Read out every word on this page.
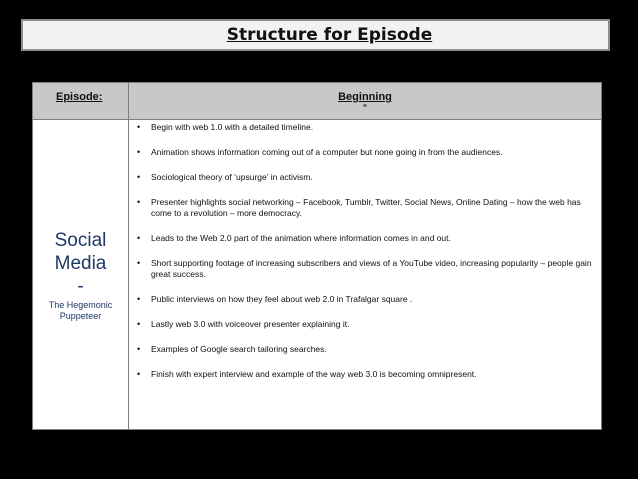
Structure for Episode
Episode:	Beginning
“
Social
Media
-
The Hegemonic Puppeteer
• Begin with web 1.0 with a detailed timeline.
• Animation shows information coming out of a computer but none going in from the audiences.
• Sociological theory of ‘upsurge’ in activism.
• Presenter highlights social networking – Facebook, Tumblr, Twitter, Social News, Online Dating – how the web has come to a revolution – more democracy.
• Leads to the Web 2.0 part of the animation where information comes in and out.
• Short supporting footage of increasing subscribers and views of a YouTube video, increasing popularity – people gain great success.
• Public interviews on how they feel about web 2.0 in Trafalgar square .
• Lastly web 3.0 with voiceover presenter explaining it.
• Examples of Google search tailoring searches.
• Finish with expert interview and example of the way web 3.0 is becoming omnipresent.
